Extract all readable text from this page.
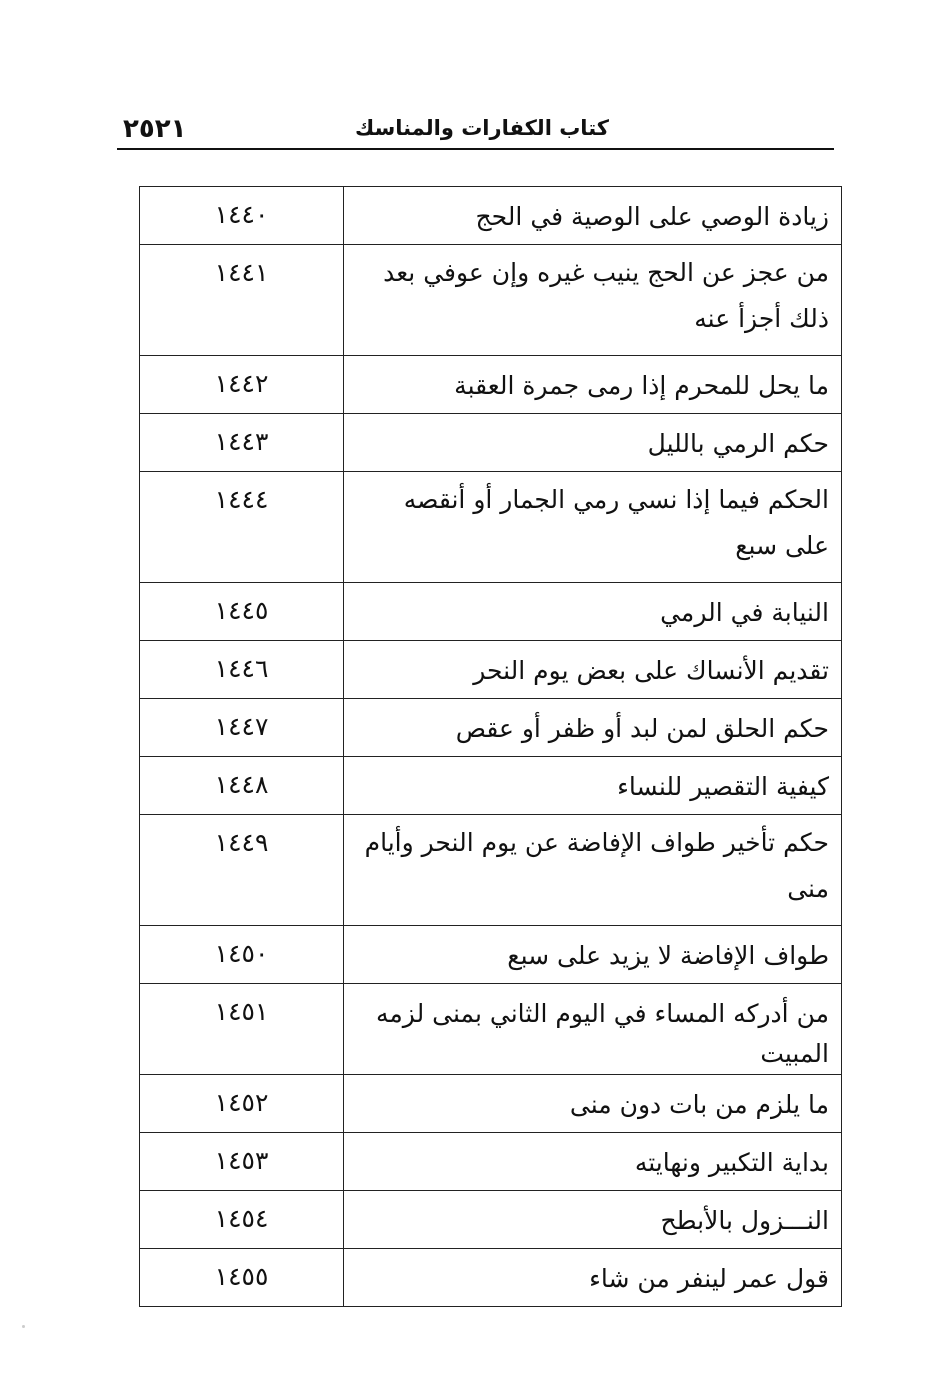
٢٥٢١	كتاب الكفارات والمناسك
زيادة الوصي على الوصية في الحج	١٤٤٠
من عجز عن الحج ينيب غيره وإن عوفي بعد ذلك أجزأ عنه	١٤٤١
ما يحل للمحرم إذا رمى جمرة العقبة	١٤٤٢
حكم الرمي بالليل	١٤٤٣
الحكم فيما إذا نسي رمي الجمار أو أنقصه على سبع	١٤٤٤
النيابة في الرمي	١٤٤٥
تقديم الأنساك على بعض يوم النحر	١٤٤٦
حكم الحلق لمن لبد أو ظفر أو عقص	١٤٤٧
كيفية التقصير للنساء	١٤٤٨
حكم تأخير طواف الإفاضة عن يوم النحر وأيام منى	١٤٤٩
طواف الإفاضة لا يزيد على سبع	١٤٥٠
من أدركه المساء في اليوم الثاني بمنى لزمه المبيت	١٤٥١
ما يلزم من بات دون منى	١٤٥٢
بداية التكبير ونهايته	١٤٥٣
النـــزول بالأبطح	١٤٥٤
قول عمر لينفر من شاء	١٤٥٥
